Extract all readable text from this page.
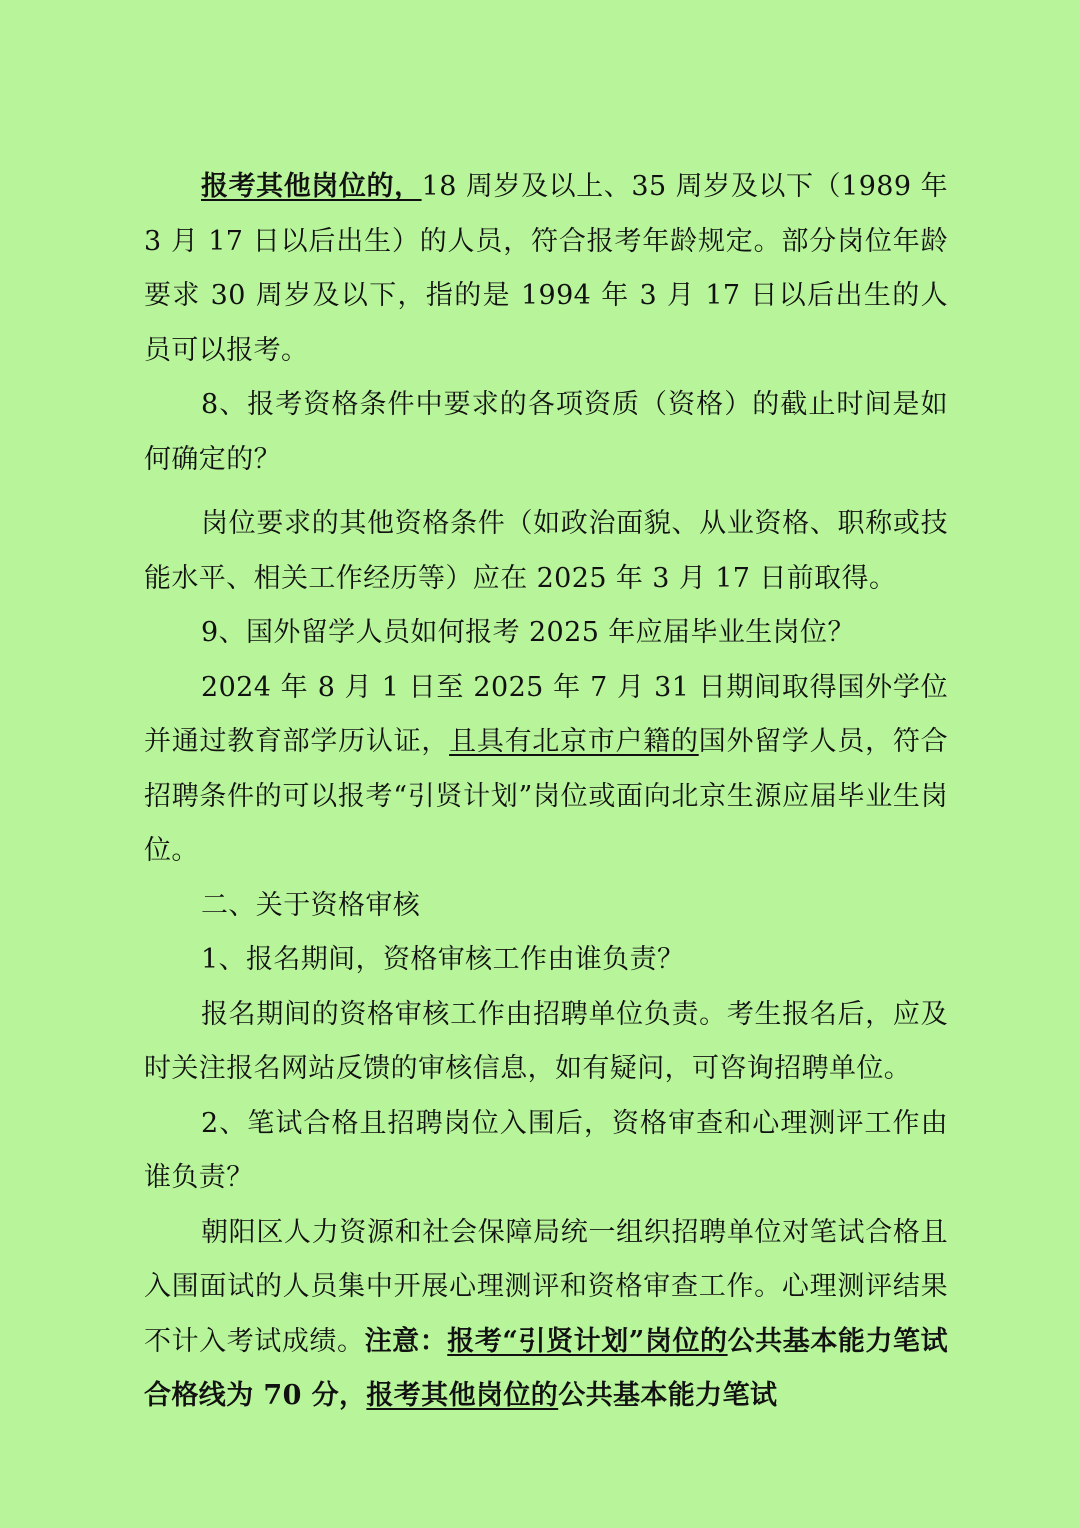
报考其他岗位的，18 周岁及以上、35 周岁及以下（1989 年 3 月 17 日以后出生）的人员，符合报考年龄规定。部分岗位年龄要求 30 周岁及以下，指的是 1994 年 3 月 17 日以后出生的人员可以报考。

8、报考资格条件中要求的各项资质（资格）的截止时间是如何确定的？

岗位要求的其他资格条件（如政治面貌、从业资格、职称或技能水平、相关工作经历等）应在 2025 年 3 月 17 日前取得。

9、国外留学人员如何报考 2025 年应届毕业生岗位？

2024 年 8 月 1 日至 2025 年 7 月 31 日期间取得国外学位并通过教育部学历认证，且具有北京市户籍的国外留学人员，符合招聘条件的可以报考“引贤计划”岗位或面向北京生源应届毕业生岗位。

二、关于资格审核

1、报名期间，资格审核工作由谁负责？

报名期间的资格审核工作由招聘单位负责。考生报名后，应及时关注报名网站反馈的审核信息，如有疑问，可咨询招聘单位。

2、笔试合格且招聘岗位入围后，资格审查和心理测评工作由谁负责？

朝阳区人力资源和社会保障局统一组织招聘单位对笔试合格且入围面试的人员集中开展心理测评和资格审查工作。心理测评结果不计入考试成绩。注意：报考“引贤计划”岗位的公共基本能力笔试合格线为 70 分，报考其他岗位的公共基本能力笔试
